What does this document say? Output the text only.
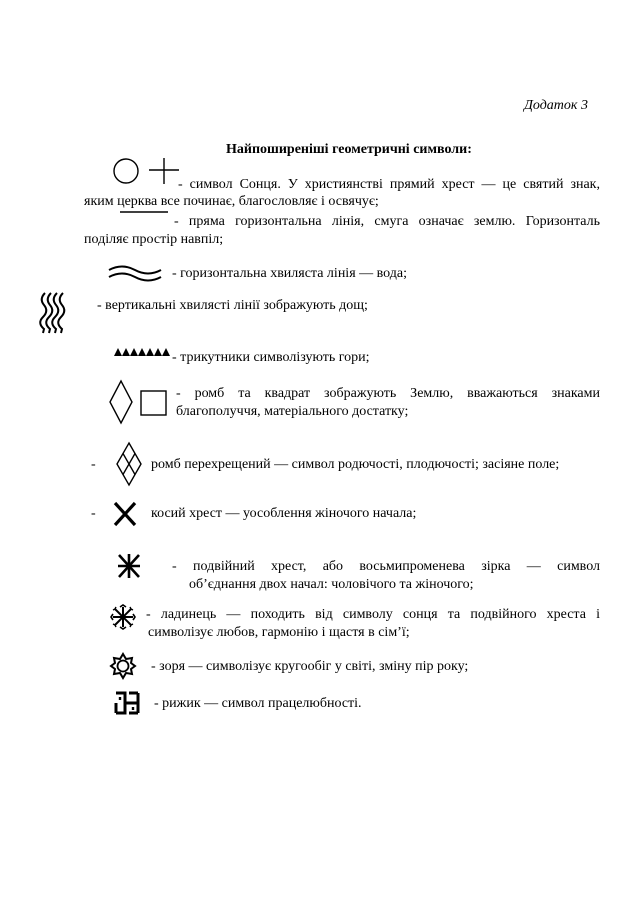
Додаток 3
Найпоширеніші геометричні символи:
- символ Сонця. У християнстві прямий хрест — це святий знак,
яким церква все починає, благословляє і освячує;
- пряма горизонтальна лінія, смуга означає землю. Горизонталь
поділяє простір навпіл;
- горизонтальна хвиляста лінія — вода;
- вертикальні хвилясті лінії зображують дощ;
- трикутники символізують гори;
- ромб та квадрат зображують Землю, вважаються знаками
благополуччя, матеріального достатку;
-	ромб перехрещений — символ родючості, плодючості; засіяне поле;
-	косий хрест — уособлення жіночого начала;
- подвійний хрест, або восьмипроменева зірка — символ
об’єднання двох начал: чоловічого та жіночого;
- ладинець — походить від символу сонця та подвійного хреста і
символізує любов, гармонію і щастя в сім’ї;
- зоря — символізує кругообіг у світі, зміну пір року;
- рижик — символ працелюбності.
